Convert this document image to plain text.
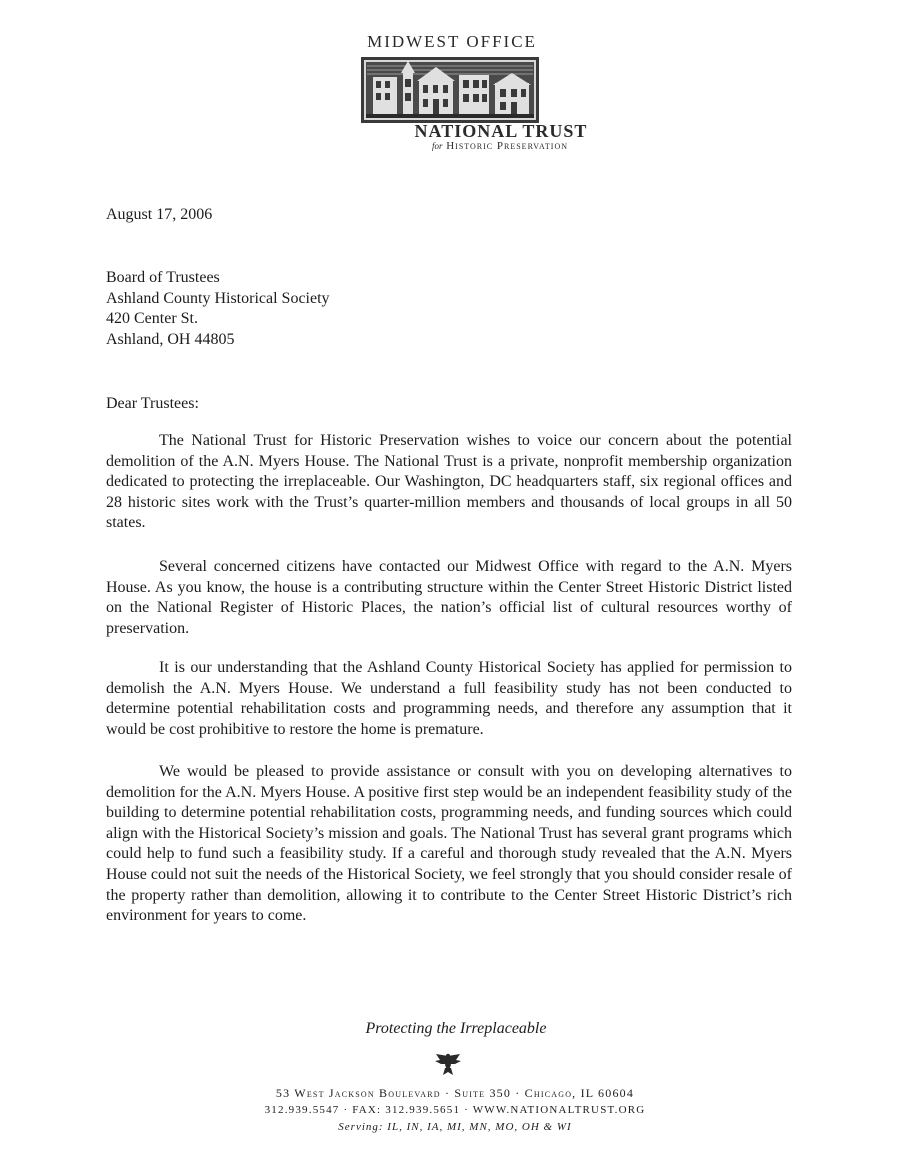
MIDWEST OFFICE
NATIONAL TRUST
for Historic Preservation
August 17, 2006
Board of Trustees
Ashland County Historical Society
420 Center St.
Ashland, OH 44805
Dear Trustees:

The National Trust for Historic Preservation wishes to voice our concern about the potential demolition of the A.N. Myers House. The National Trust is a private, nonprofit membership organization dedicated to protecting the irreplaceable. Our Washington, DC headquarters staff, six regional offices and 28 historic sites work with the Trust’s quarter-million members and thousands of local groups in all 50 states.

Several concerned citizens have contacted our Midwest Office with regard to the A.N. Myers House. As you know, the house is a contributing structure within the Center Street Historic District listed on the National Register of Historic Places, the nation’s official list of cultural resources worthy of preservation.

It is our understanding that the Ashland County Historical Society has applied for permission to demolish the A.N. Myers House. We understand a full feasibility study has not been conducted to determine potential rehabilitation costs and programming needs, and therefore any assumption that it would be cost prohibitive to restore the home is premature.

We would be pleased to provide assistance or consult with you on developing alternatives to demolition for the A.N. Myers House. A positive first step would be an independent feasibility study of the building to determine potential rehabilitation costs, programming needs, and funding sources which could align with the Historical Society’s mission and goals. The National Trust has several grant programs which could help to fund such a feasibility study. If a careful and thorough study revealed that the A.N. Myers House could not suit the needs of the Historical Society, we feel strongly that you should consider resale of the property rather than demolition, allowing it to contribute to the Center Street Historic District’s rich environment for years to come.

Protecting the Irreplaceable
53 West Jackson Boulevard · Suite 350 · Chicago, IL 60604
312.939.5547 · FAX: 312.939.5651 · WWW.NATIONALTRUST.ORG
Serving: IL, IN, IA, MI, MN, MO, OH & WI
